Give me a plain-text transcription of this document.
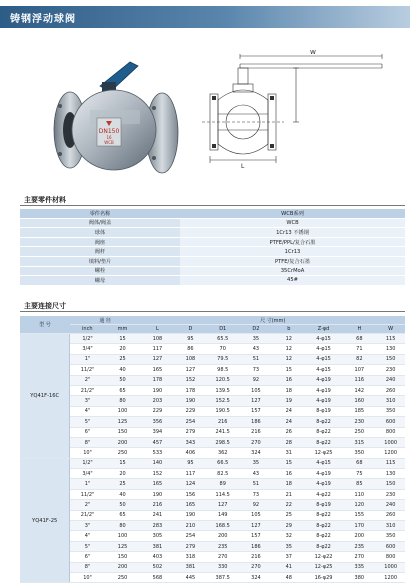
铸钢浮动球阀
DN150
16
WCB
W
L
主要零件材料
零件名称	WCB系列
阀体/阀盖	WCB
球体	1Cr13 不锈钢
阀座	PTFE/PPL/复合石墨
阀杆	1Cr13
填料/垫片	PTFE/复合石墨
螺栓	35CrMoA
螺母	45#
主要连接尺寸
型 号	通 径		尺 寸(mm)							
	inch	mm	L	D	D1	D2	b	Z-φd	H	W
YQ41F-16C	1/2"	15	108	95	65.5	35	12	4-φ15	68	115
	3/4"	20	117	86	70	43	12	4-φ15	71	130
	1"	25	127	108	79.5	51	12	4-φ15	82	150
	11/2"	40	165	127	98.5	73	15	4-φ15	107	230
	2"	50	178	152	120.5	92	16	4-φ19	116	240
	21/2"	65	190	178	139.5	105	18	4-φ19	142	260
	3"	80	203	190	152.5	127	19	4-φ19	160	310
	4"	100	229	229	190.5	157	24	8-φ19	185	350
	5"	125	356	254	216	186	24	8-φ22	230	600
	6"	150	394	279	241.5	216	26	8-φ22	250	800
	8"	200	457	343	298.5	270	28	8-φ22	315	1000
	10"	250	533	406	362	324	31	12-φ25	350	1200
YQ41F-25	1/2"	15	140	95	66.5	35	15	4-φ15	68	115
	3/4"	20	152	117	82.5	43	16	4-φ19	75	130
	1"	25	165	124	89	51	18	4-φ19	85	150
	11/2"	40	190	156	114.5	73	21	4-φ22	110	230
	2"	50	216	165	127	92	22	8-φ19	120	240
	21/2"	65	241	190	149	105	25	8-φ22	155	260
	3"	80	283	210	168.5	127	29	8-φ22	170	310
	4"	100	305	254	200	157	32	8-φ22	200	350
	5"	125	381	279	235	186	35	8-φ22	235	600
	6"	150	403	318	270	216	37	12-φ22	270	800
	8"	200	502	381	330	270	41	12-φ25	335	1000
	10"	250	568	445	387.5	324	48	16-φ29	380	1200
